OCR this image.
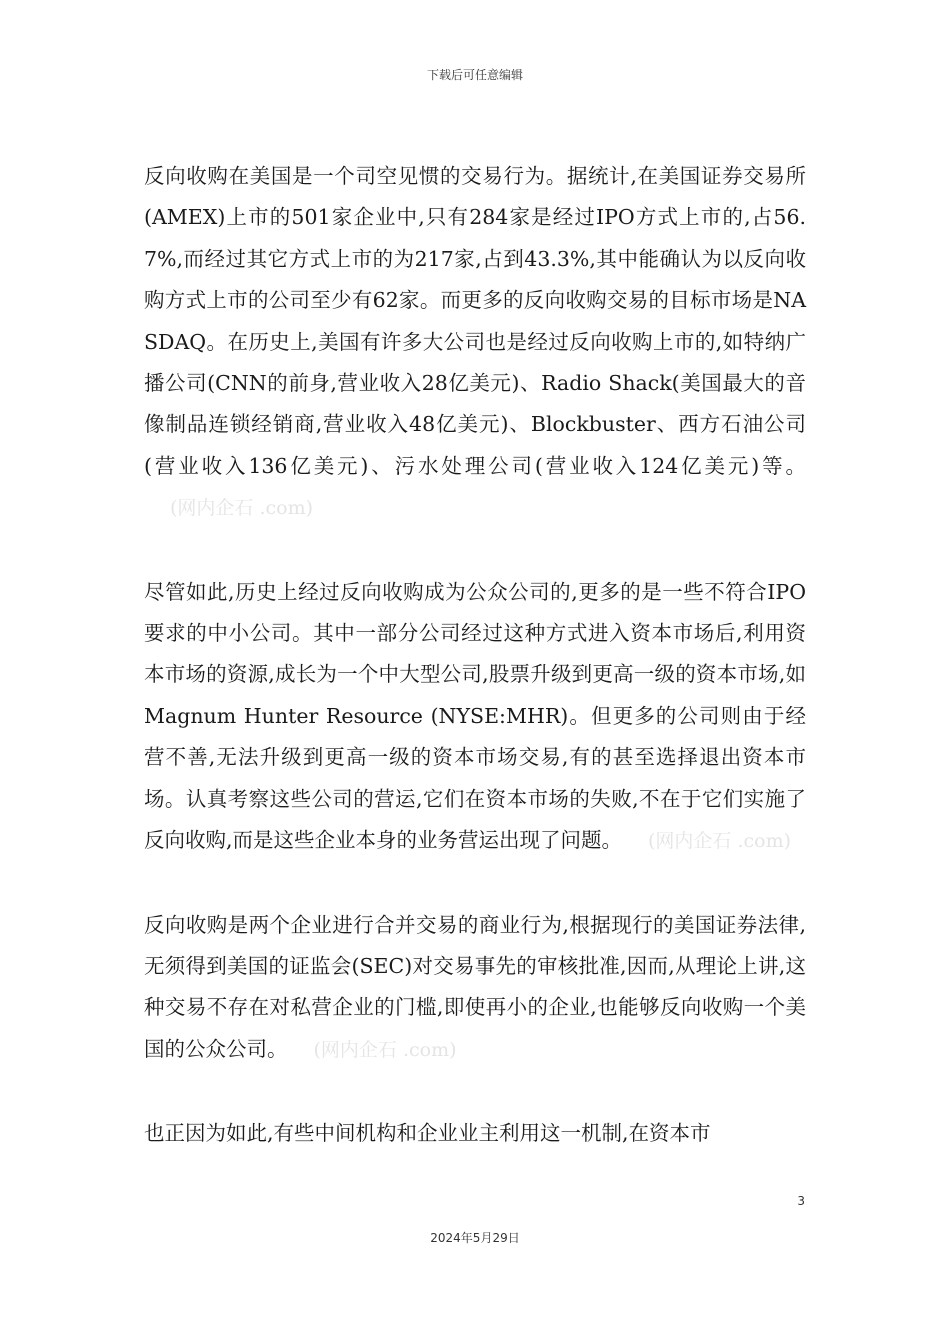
下载后可任意编辑

反向收购在美国是一个司空见惯的交易行为。据统计,在美国证券交易所(AMEX)上市的501家企业中,只有284家是经过IPO方式上市的,占56.7%,而经过其它方式上市的为217家,占到43.3%,其中能确认为以反向收购方式上市的公司至少有62家。而更多的反向收购交易的目标市场是NASDAQ。在历史上,美国有许多大公司也是经过反向收购上市的,如特纳广播公司(CNN的前身,营业收入28亿美元)、Radio Shack(美国最大的音像制品连锁经销商,营业收入48亿美元)、Blockbuster、西方石油公司(营业收入136亿美元)、污水处理公司(营业收入124亿美元)等。(网内企石 .com)

尽管如此,历史上经过反向收购成为公众公司的,更多的是一些不符合IPO要求的中小公司。其中一部分公司经过这种方式进入资本市场后,利用资本市场的资源,成长为一个中大型公司,股票升级到更高一级的资本市场,如Magnum Hunter Resource (NYSE:MHR)。但更多的公司则由于经营不善,无法升级到更高一级的资本市场交易,有的甚至选择退出资本市场。认真考察这些公司的营运,它们在资本市场的失败,不在于它们实施了反向收购,而是这些企业本身的业务营运出现了问题。 (网内企石 .com)

反向收购是两个企业进行合并交易的商业行为,根据现行的美国证券法律,无须得到美国的证监会(SEC)对交易事先的审核批准,因而,从理论上讲,这种交易不存在对私营企业的门槛,即使再小的企业,也能够反向收购一个美国的公众公司。 (网内企石 .com)

也正因为如此,有些中间机构和企业业主利用这一机制,在资本市

3
2024年5月29日
